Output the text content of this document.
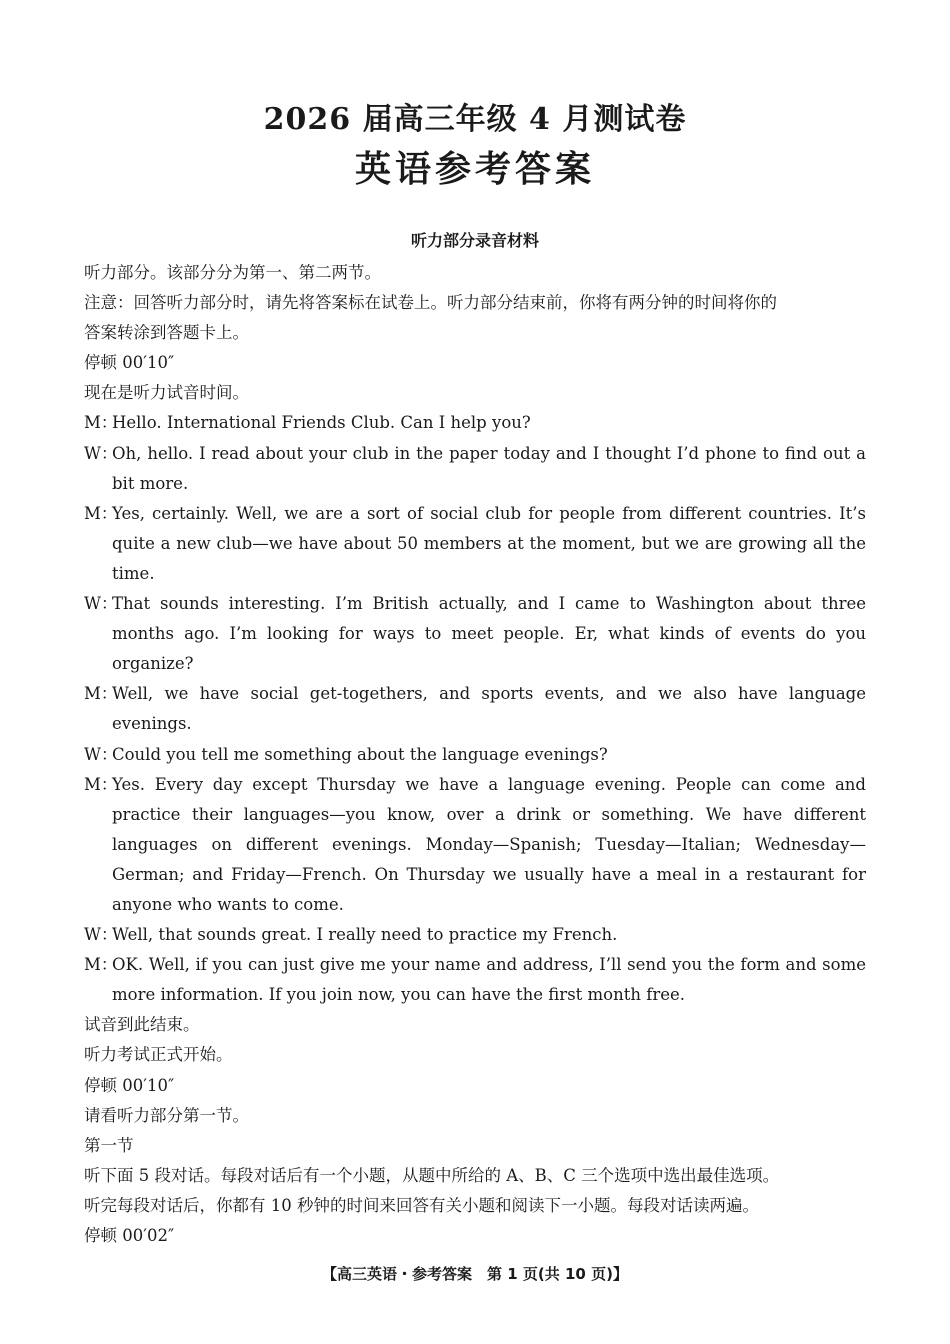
2026 届高三年级 4 月测试卷
英语参考答案
听力部分录音材料
听力部分。该部分分为第一、第二两节。
注意：回答听力部分时，请先将答案标在试卷上。听力部分结束前，你将有两分钟的时间将你的
答案转涂到答题卡上。
停顿 00′10″
现在是听力试音时间。
M：Hello. International Friends Club. Can I help you?
W：Oh, hello. I read about your club in the paper today and I thought I’d phone to find out a bit more.
M：Yes, certainly. Well, we are a sort of social club for people from different countries. It’s quite a new club—we have about 50 members at the moment, but we are growing all the time.
W：That sounds interesting. I’m British actually, and I came to Washington about three months ago. I’m looking for ways to meet people. Er, what kinds of events do you organize?
M：Well, we have social get-togethers, and sports events, and we also have language evenings.
W：Could you tell me something about the language evenings?
M：Yes. Every day except Thursday we have a language evening. People can come and practice their languages—you know, over a drink or something. We have different languages on different evenings. Monday—Spanish; Tuesday—Italian; Wednesday—German; and Friday—French. On Thursday we usually have a meal in a restaurant for anyone who wants to come.
W：Well, that sounds great. I really need to practice my French.
M：OK. Well, if you can just give me your name and address, I’ll send you the form and some more information. If you join now, you can have the first month free.
试音到此结束。
听力考试正式开始。
停顿 00′10″
请看听力部分第一节。
第一节
听下面 5 段对话。每段对话后有一个小题，从题中所给的 A、B、C 三个选项中选出最佳选项。
听完每段对话后，你都有 10 秒钟的时间来回答有关小题和阅读下一小题。每段对话读两遍。
停顿 00′02″
【高三英语・参考答案　第 1 页(共 10 页)】
